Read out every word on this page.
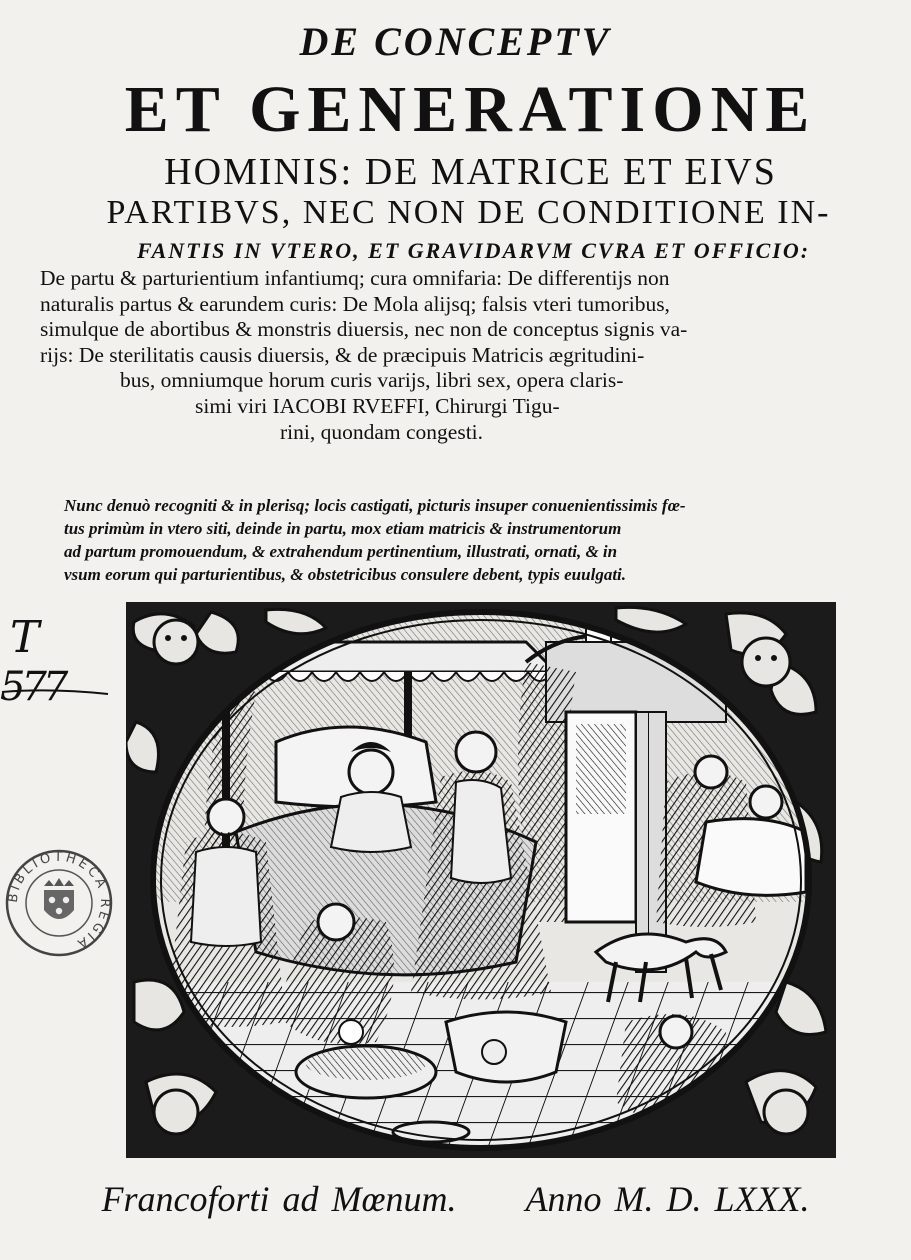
DE CONCEPTV
ET GENERATIONE
HOMINIS: DE MATRICE ET EIVS
PARTIBVS, NEC NON DE CONDITIONE IN-
FANTIS IN VTERO, ET GRAVIDARVM CVRA ET OFFICIO:
De partu & parturientium infantiumq; cura omnifaria: De differentijs non
naturalis partus & earundem curis: De Mola alijsq; falsis vteri tumoribus,
simulque de abortibus & monstris diuersis, nec non de conceptus signis va-
rijs: De sterilitatis causis diuersis, & de præcipuis Matricis ægritudini-
bus, omniumque horum curis varijs, libri sex, opera claris-
simi viri IACOBI RVEFFI, Chirurgi Tigu-
rini, quondam congesti.
Nunc denuò recogniti & in plerisq; locis castigati, picturis insuper conuenientissimis fœ-
tus primùm in vtero siti, deinde in partu, mox etiam matricis & instrumentorum
ad partum promouendum, & extrahendum pertinentium, illustrati, ornati, & in
vsum eorum qui parturientibus, & obstetricibus consulere debent, typis euulgati.
T
577
BIBLIOTHECA REGIA
Francoforti ad Mœnum. Anno M. D. LXXX.
